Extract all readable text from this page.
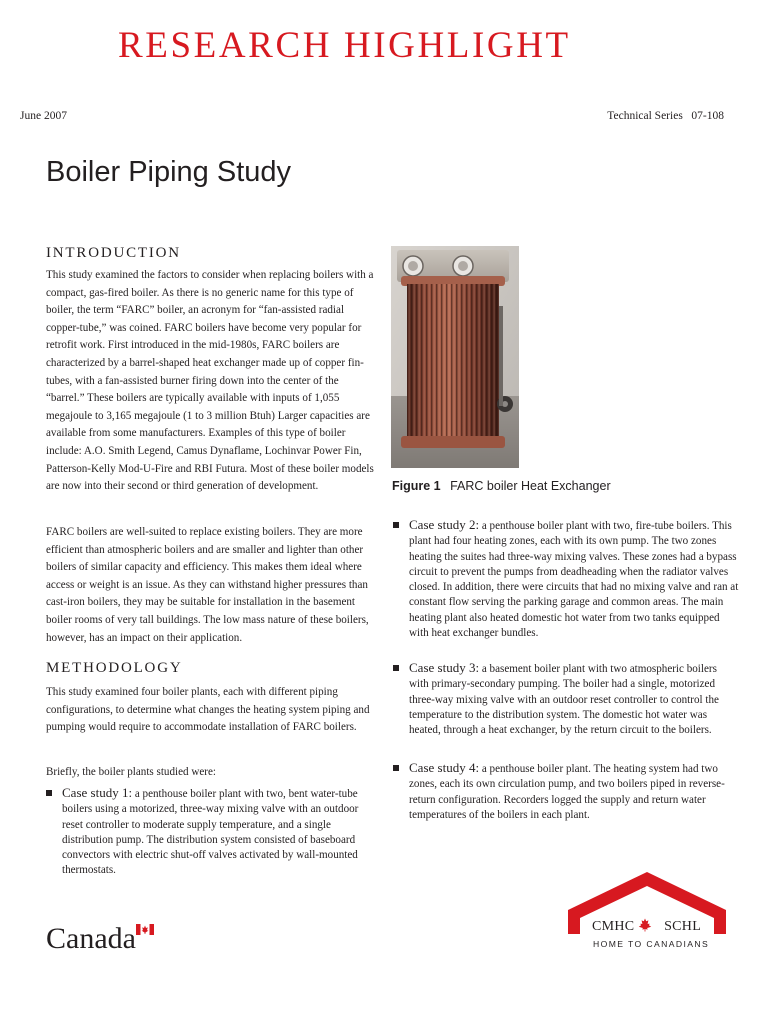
RESEARCH HIGHLIGHT
June 2007	Technical Series   07-108
Boiler Piping Study
INTRODUCTION

This study examined the factors to consider when replacing boilers with a compact, gas-fired boiler. As there is no generic name for this type of boiler, the term “FARC” boiler, an acronym for “fan-assisted radial copper-tube,” was coined. FARC boilers have become very popular for retrofit work. First introduced in the mid-1980s, FARC boilers are characterized by a barrel-shaped heat exchanger made up of copper fin-tubes, with a fan-assisted burner firing down into the center of the “barrel.” These boilers are typically available with inputs of 1,055 megajoule to 3,165 megajoule (1 to 3 million Btuh) Larger capacities are available from some manufacturers. Examples of this type of boiler include: A.O. Smith Legend, Camus Dynaflame, Lochinvar Power Fin, Patterson-Kelly Mod-U-Fire and RBI Futura. Most of these boiler models are now into their second or third generation of development.

FARC boilers are well-suited to replace existing boilers. They are more efficient than atmospheric boilers and are smaller and lighter than other boilers of similar capacity and efficiency. This makes them ideal where access or weight is an issue. As they can withstand higher pressures than cast-iron boilers, they may be suitable for installation in the basement boiler rooms of very tall buildings. The low mass nature of these boilers, however, has an impact on their application.

METHODOLOGY

This study examined four boiler plants, each with different piping configurations, to determine what changes the heating system piping and pumping would require to accommodate installation of FARC boilers.

Briefly, the boiler plants studied were:

Case study 1: a penthouse boiler plant with two, bent water-tube boilers using a motorized, three-way mixing valve with an outdoor reset controller to moderate supply temperature, and a single distribution pump. The distribution system consisted of baseboard convectors with electric shut-off valves activated by wall-mounted thermostats.
Case study 2: a penthouse boiler plant with two, fire-tube boilers. This plant had four heating zones, each with its own pump. The two zones heating the suites had three-way mixing valves. These zones had a bypass circuit to prevent the pumps from deadheading when the radiator valves closed. In addition, there were circuits that had no mixing valve and ran at constant flow serving the parking garage and common areas. The main heating plant also heated domestic hot water from two tanks equipped with heat exchanger bundles.
Case study 3: a basement boiler plant with two atmospheric boilers with primary-secondary pumping. The boiler had a single, motorized three-way mixing valve with an outdoor reset controller to control the temperature to the distribution system. The domestic hot water was heated, through a heat exchanger, by the return circuit to the boilers.
Case study 4: a penthouse boiler plant. The heating system had two zones, each its own circulation pump, and two boilers piped in reverse-return configuration. Recorders logged the supply and return water temperatures of the boilers in each plant.
Figure 1 FARC boiler Heat Exchanger
Canada	CMHC SCHL
HOME TO CANADIANS
